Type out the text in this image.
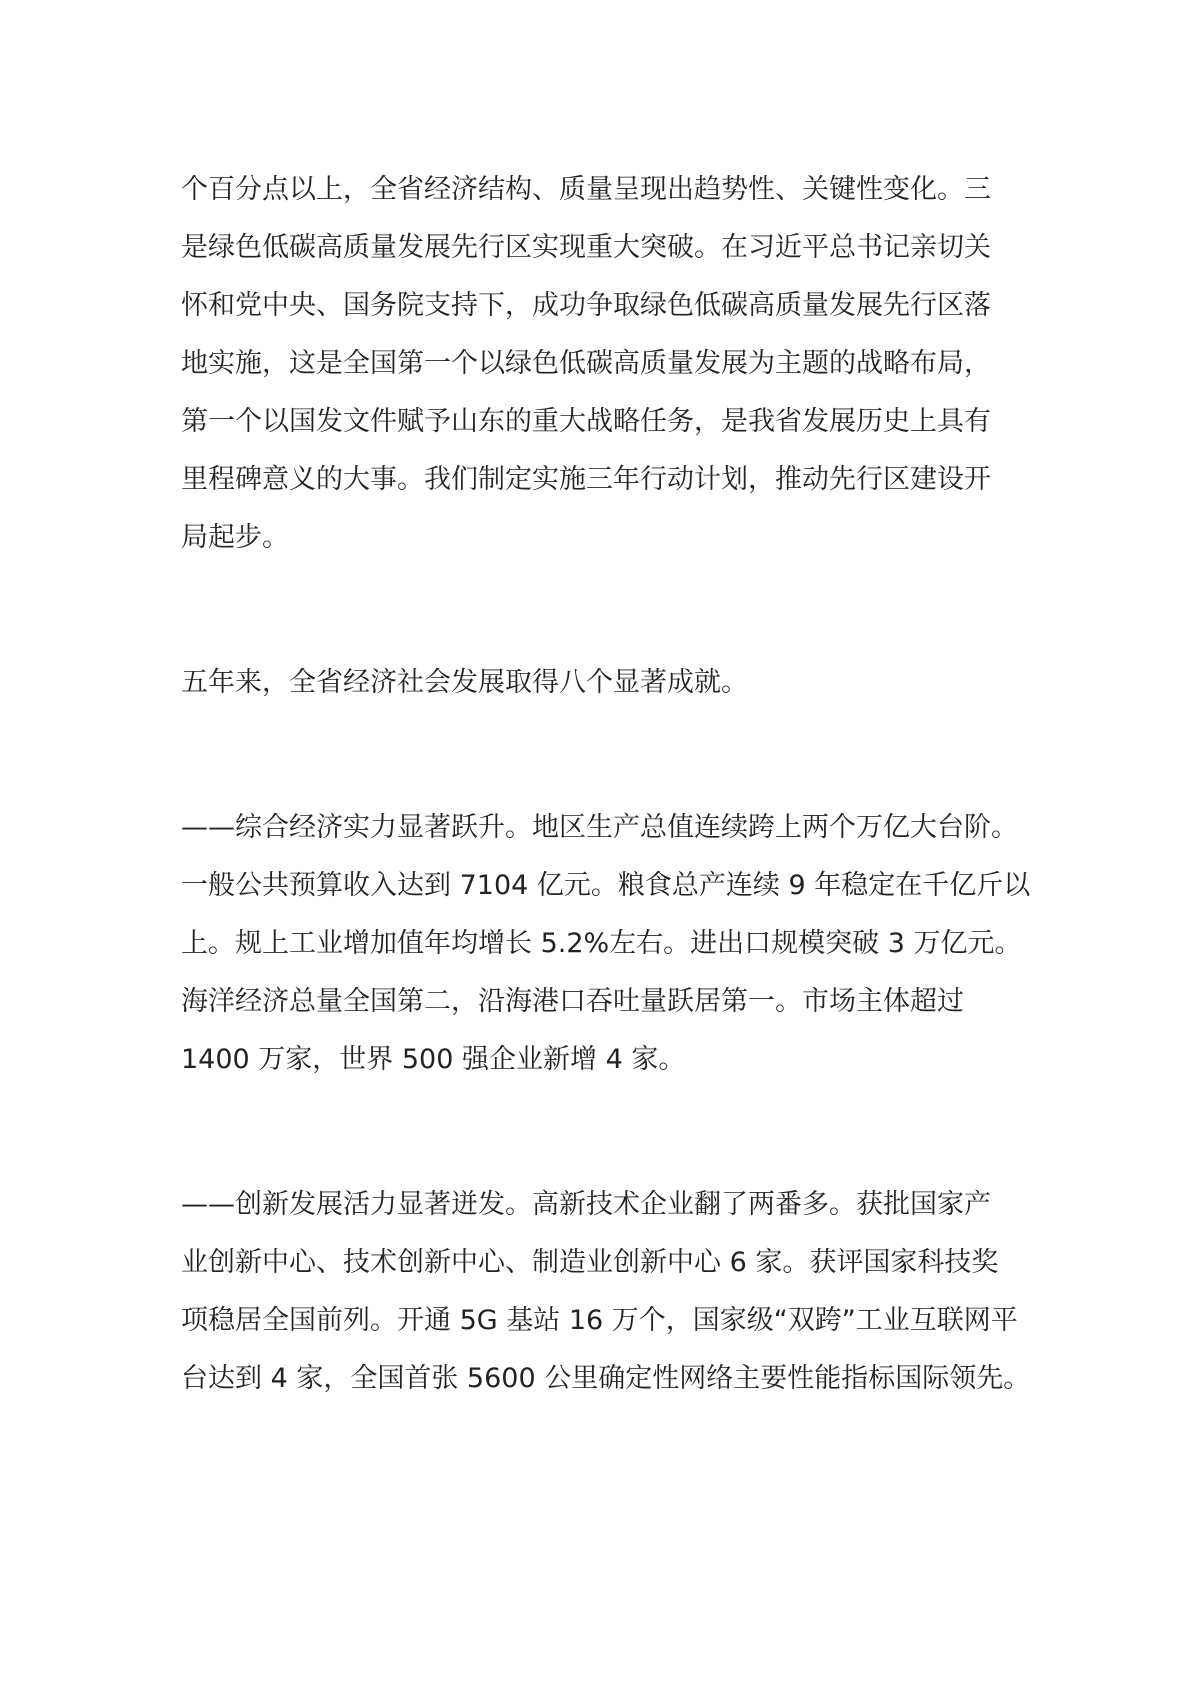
个百分点以上，全省经济结构、质量呈现出趋势性、关键性变化。三
是绿色低碳高质量发展先行区实现重大突破。在习近平总书记亲切关
怀和党中央、国务院支持下，成功争取绿色低碳高质量发展先行区落
地实施，这是全国第一个以绿色低碳高质量发展为主题的战略布局，
第一个以国发文件赋予山东的重大战略任务，是我省发展历史上具有
里程碑意义的大事。我们制定实施三年行动计划，推动先行区建设开
局起步。
五年来，全省经济社会发展取得八个显著成就。
——综合经济实力显著跃升。地区生产总值连续跨上两个万亿大台阶。
一般公共预算收入达到 7104 亿元。粮食总产连续 9 年稳定在千亿斤以
上。规上工业增加值年均增长 5.2%左右。进出口规模突破 3 万亿元。
海洋经济总量全国第二，沿海港口吞吐量跃居第一。市场主体超过
1400 万家，世界 500 强企业新增 4 家。
——创新发展活力显著迸发。高新技术企业翻了两番多。获批国家产
业创新中心、技术创新中心、制造业创新中心 6 家。获评国家科技奖
项稳居全国前列。开通 5G 基站 16 万个，国家级“双跨”工业互联网平
台达到 4 家，全国首张 5600 公里确定性网络主要性能指标国际领先。
